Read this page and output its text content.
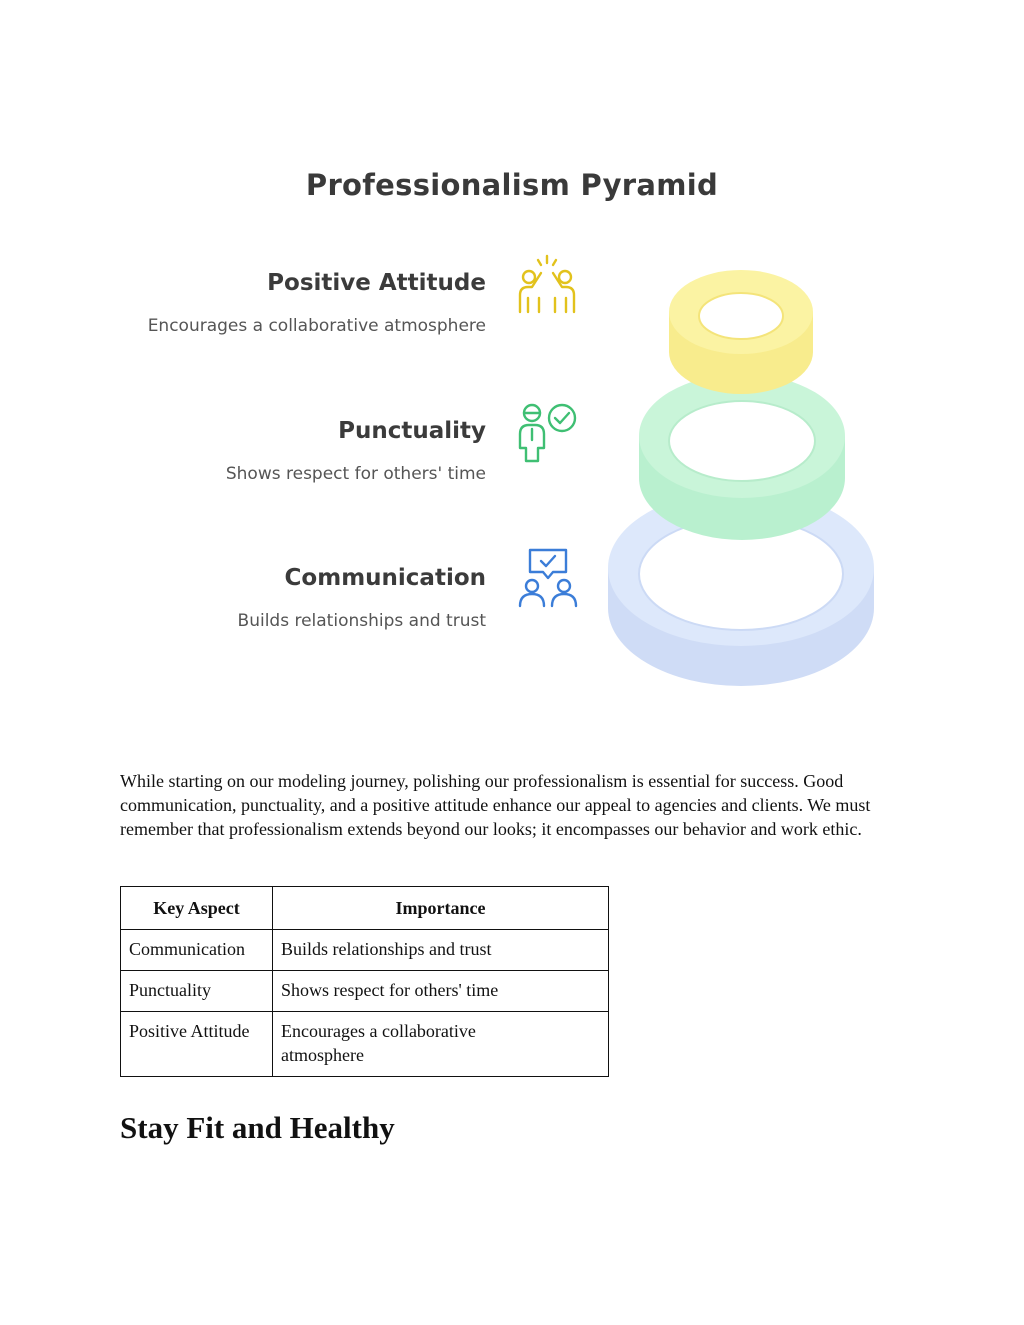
Professionalism Pyramid
Positive Attitude
Encourages a collaborative atmosphere
Punctuality
Shows respect for others' time
Communication
Builds relationships and trust

While starting on our modeling journey, polishing our professionalism is essential for success. Good communication, punctuality, and a positive attitude enhance our appeal to agencies and clients. We must remember that professionalism extends beyond our looks; it encompasses our behavior and work ethic.

Key Aspect	Importance
Communication	Builds relationships and trust
Punctuality	Shows respect for others' time
Positive Attitude	Encourages a collaborative atmosphere
Stay Fit and Healthy
